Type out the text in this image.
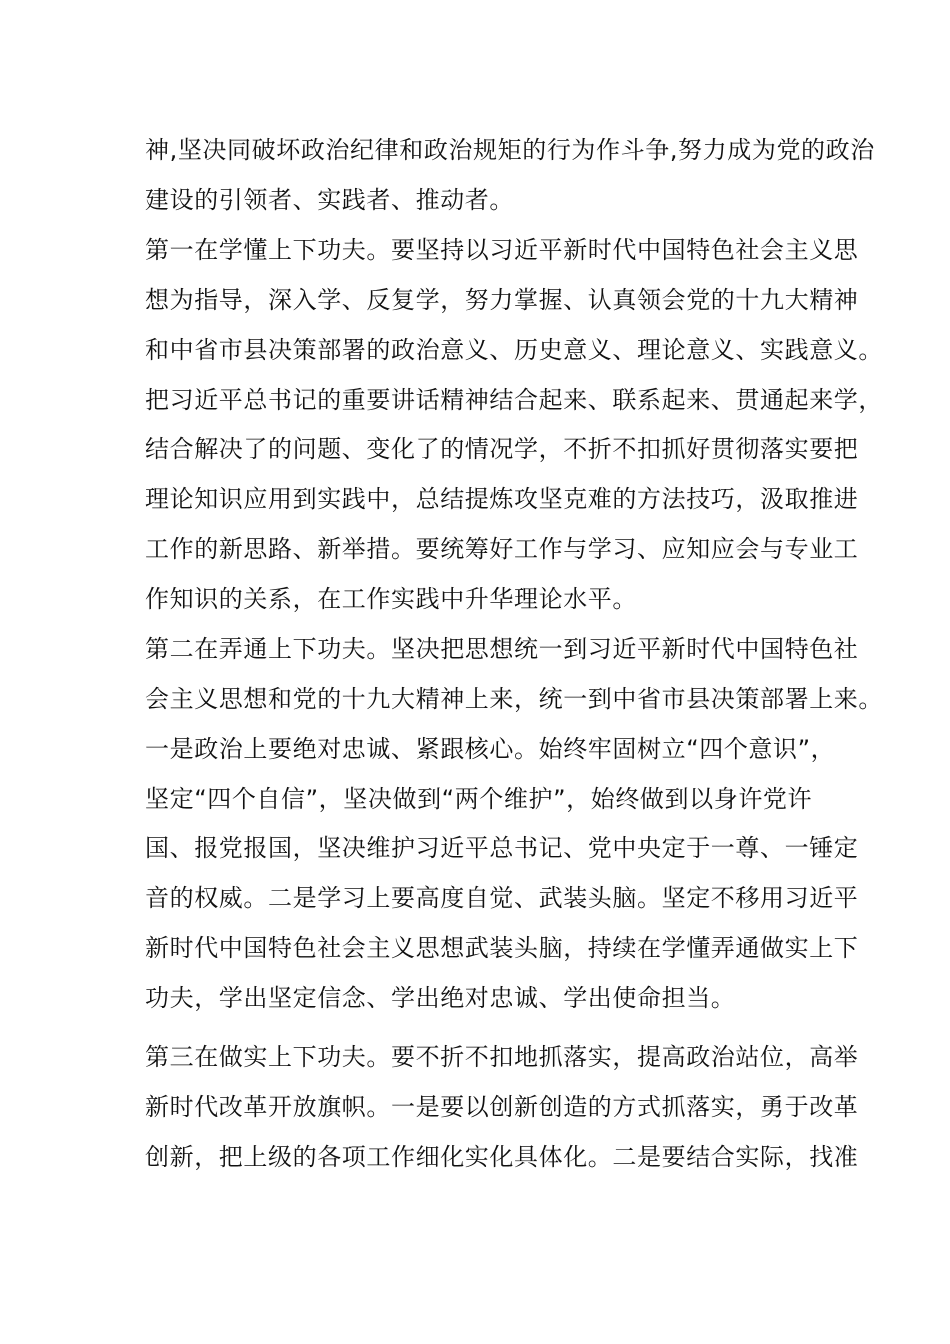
神,坚决同破坏政治纪律和政治规矩的行为作斗争,努力成为党的政治

建设的引领者、实践者、推动者。

第一在学懂上下功夫。要坚持以习近平新时代中国特色社会主义思

想为指导，深入学、反复学，努力掌握、认真领会党的十九大精神

和中省市县决策部署的政治意义、历史意义、理论意义、实践意义。

把习近平总书记的重要讲话精神结合起来、联系起来、贯通起来学，

结合解决了的问题、变化了的情况学，不折不扣抓好贯彻落实要把

理论知识应用到实践中，总结提炼攻坚克难的方法技巧，汲取推进

工作的新思路、新举措。要统筹好工作与学习、应知应会与专业工

作知识的关系，在工作实践中升华理论水平。

第二在弄通上下功夫。坚决把思想统一到习近平新时代中国特色社

会主义思想和党的十九大精神上来，统一到中省市县决策部署上来。

一是政治上要绝对忠诚、紧跟核心。始终牢固树立“四个意识”，

坚定“四个自信”，坚决做到“两个维护”，始终做到以身许党许

国、报党报国，坚决维护习近平总书记、党中央定于一尊、一锤定

音的权威。二是学习上要高度自觉、武装头脑。坚定不移用习近平

新时代中国特色社会主义思想武装头脑，持续在学懂弄通做实上下

功夫，学出坚定信念、学出绝对忠诚、学出使命担当。

第三在做实上下功夫。要不折不扣地抓落实，提高政治站位，高举

新时代改革开放旗帜。一是要以创新创造的方式抓落实，勇于改革

创新，把上级的各项工作细化实化具体化。二是要结合实际，找准
